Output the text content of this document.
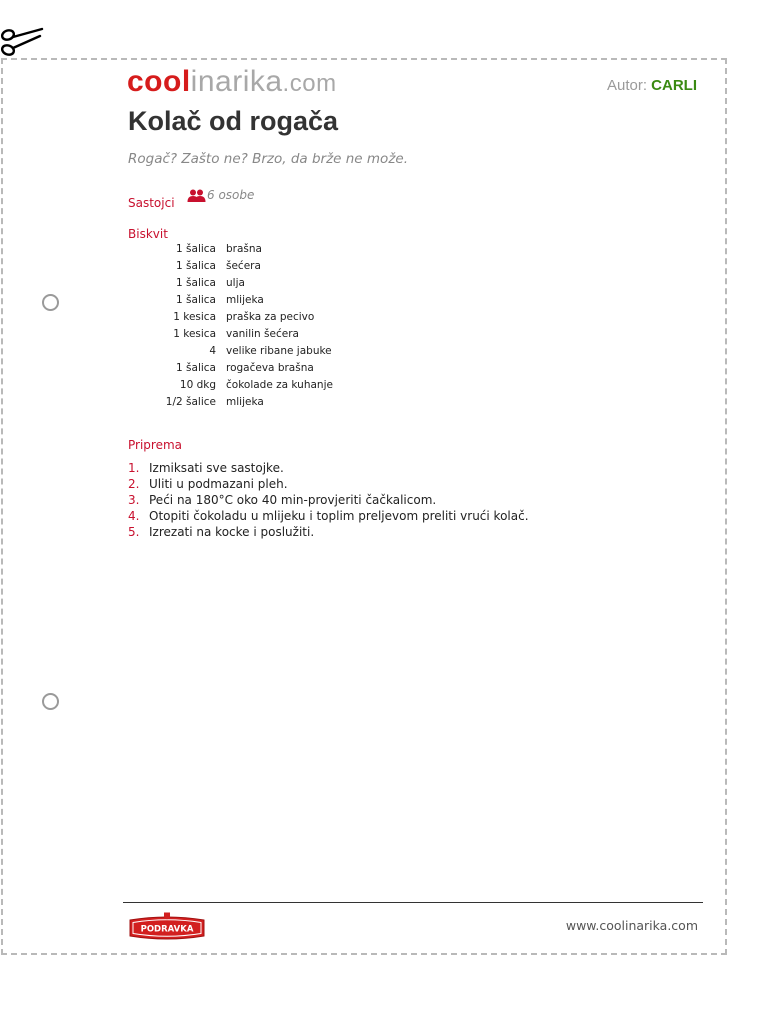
coolinarika.com	Autor: CARLI
Kolač od rogača
Rogač? Zašto ne? Brzo, da brže ne može.
Sastojci
6 osobe
Biskvit
1 šalica brašna
1 šalica šećera
1 šalica ulja
1 šalica mlijeka
1 kesica praška za pecivo
1 kesica vanilin šećera
4 velike ribane jabuke
1 šalica rogačeva brašna
10 dkg čokolade za kuhanje
1/2 šalice mlijeka
Priprema
1. Izmiksati sve sastojke.
2. Uliti u podmazani pleh.
3. Peći na 180°C oko 40 min-provjeriti čačkalicom.
4. Otopiti čokoladu u mlijeku i toplim preljevom preliti vrući kolač.
5. Izrezati na kocke i poslužiti.
PODRAVKA	www.coolinarika.com
